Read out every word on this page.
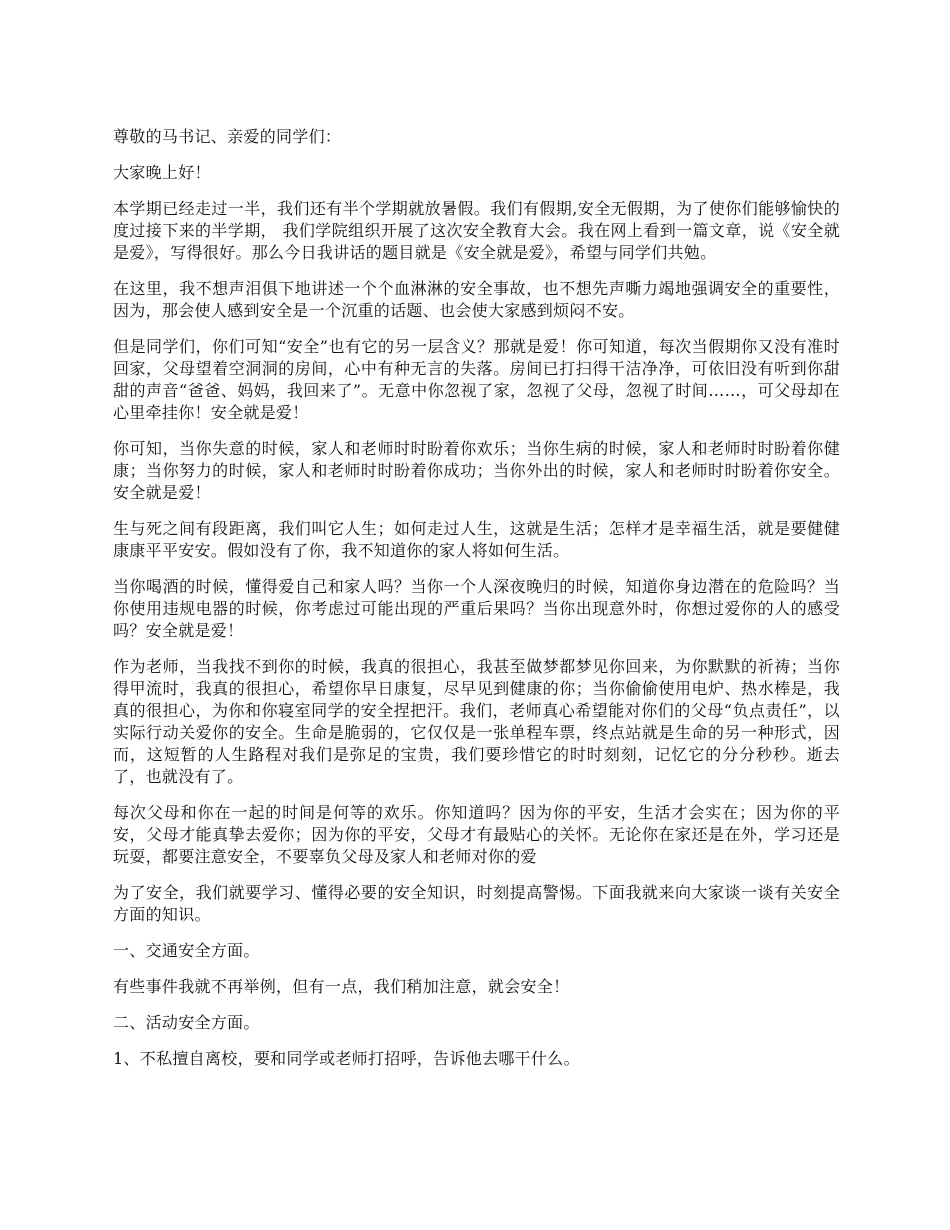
尊敬的马书记、亲爱的同学们：

大家晚上好！

本学期已经走过一半，我们还有半个学期就放暑假。我们有假期,安全无假期，为了使你们能够愉快的度过接下来的半学期， 我们学院组织开展了这次安全教育大会。我在网上看到一篇文章，说《安全就是爱》，写得很好。那么今日我讲话的题目就是《安全就是爱》，希望与同学们共勉。

在这里，我不想声泪俱下地讲述一个个血淋淋的安全事故，也不想先声嘶力竭地强调安全的重要性，因为，那会使人感到安全是一个沉重的话题、也会使大家感到烦闷不安。

但是同学们，你们可知“安全”也有它的另一层含义？那就是爱！你可知道，每次当假期你又没有准时回家，父母望着空洞洞的房间，心中有种无言的失落。房间已打扫得干洁净净，可依旧没有听到你甜甜的声音“爸爸、妈妈，我回来了”。无意中你忽视了家，忽视了父母，忽视了时间……，可父母却在心里牵挂你！安全就是爱！

你可知，当你失意的时候，家人和老师时时盼着你欢乐；当你生病的时候，家人和老师时时盼着你健康；当你努力的时候，家人和老师时时盼着你成功；当你外出的时候，家人和老师时时盼着你安全。安全就是爱！

生与死之间有段距离，我们叫它人生；如何走过人生，这就是生活；怎样才是幸福生活，就是要健健康康平平安安。假如没有了你，我不知道你的家人将如何生活。

当你喝酒的时候，懂得爱自己和家人吗？当你一个人深夜晚归的时候，知道你身边潜在的危险吗？当你使用违规电器的时候，你考虑过可能出现的严重后果吗？当你出现意外时，你想过爱你的人的感受吗？安全就是爱！

作为老师，当我找不到你的时候，我真的很担心，我甚至做梦都梦见你回来，为你默默的祈祷；当你得甲流时，我真的很担心，希望你早日康复，尽早见到健康的你；当你偷偷使用电炉、热水棒是，我真的很担心，为你和你寝室同学的安全捏把汗。我们，老师真心希望能对你们的父母“负点责任”，以实际行动关爱你的安全。生命是脆弱的，它仅仅是一张单程车票，终点站就是生命的另一种形式，因而，这短暂的人生路程对我们是弥足的宝贵，我们要珍惜它的时时刻刻，记忆它的分分秒秒。逝去了，也就没有了。

每次父母和你在一起的时间是何等的欢乐。你知道吗？因为你的平安，生活才会实在；因为你的平安，父母才能真挚去爱你；因为你的平安，父母才有最贴心的关怀。无论你在家还是在外，学习还是玩耍，都要注意安全，不要辜负父母及家人和老师对你的爱

为了安全，我们就要学习、懂得必要的安全知识，时刻提高警惕。下面我就来向大家谈一谈有关安全方面的知识。

一、交通安全方面。

有些事件我就不再举例，但有一点，我们稍加注意，就会安全！

二、活动安全方面。

1、不私擅自离校，要和同学或老师打招呼，告诉他去哪干什么。
